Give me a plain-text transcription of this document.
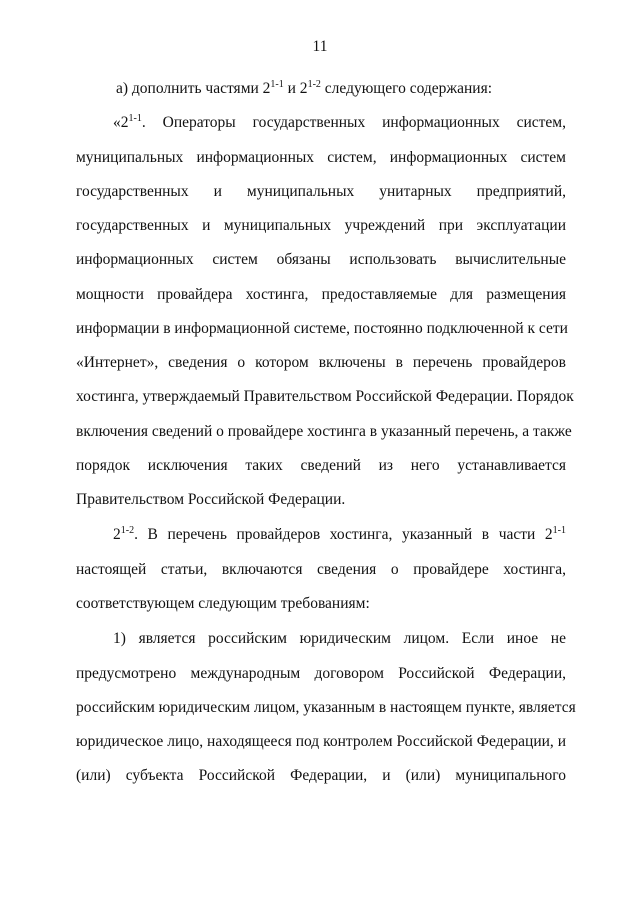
11
а) дополнить частями 2$^{1-1}$ и 2$^{1-2}$ следующего содержания:
«2$^{1-1}$. Операторы государственных информационных систем,
муниципальных информационных систем, информационных систем
государственных и муниципальных унитарных предприятий,
государственных и муниципальных учреждений при эксплуатации
информационных систем обязаны использовать вычислительные
мощности провайдера хостинга, предоставляемые для размещения
информации в информационной системе, постоянно подключенной к сети
«Интернет», сведения о котором включены в перечень провайдеров
хостинга, утверждаемый Правительством Российской Федерации. Порядок
включения сведений о провайдере хостинга в указанный перечень, а также
порядок исключения таких сведений из него устанавливается
Правительством Российской Федерации.
2$^{1-2}$. В перечень провайдеров хостинга, указанный в части 2$^{1-1}$
настоящей статьи, включаются сведения о провайдере хостинга,
соответствующем следующим требованиям:
1) является российским юридическим лицом. Если иное не
предусмотрено международным договором Российской Федерации,
российским юридическим лицом, указанным в настоящем пункте, является
юридическое лицо, находящееся под контролем Российской Федерации, и
(или) субъекта Российской Федерации, и (или) муниципального
